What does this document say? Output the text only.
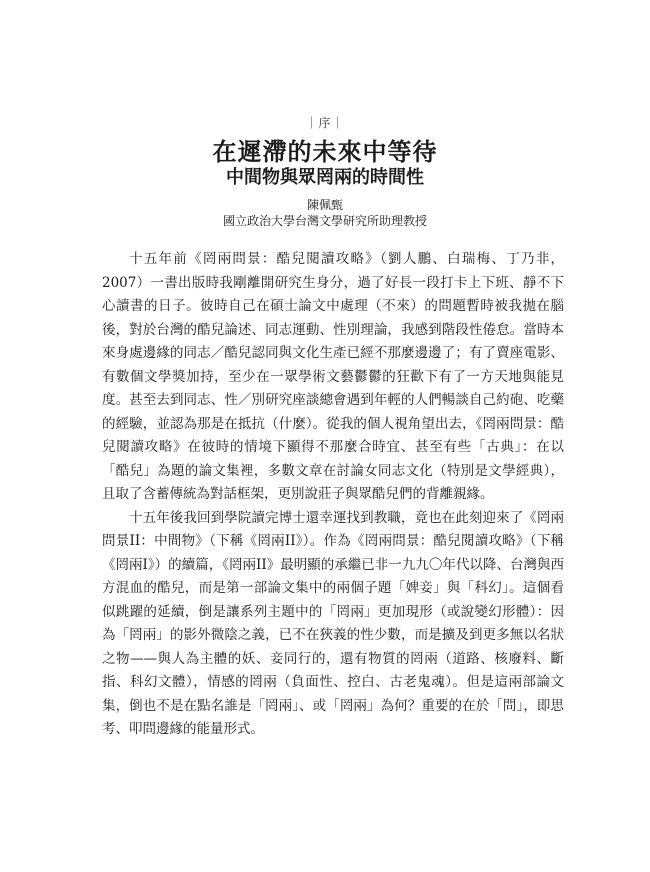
｜序｜
在遲滯的未來中等待
中間物與眾罔兩的時間性
陳佩甄
國立政治大學台灣文學研究所助理教授

十五年前《罔兩問景：酷兒閱讀攻略》（劉人鵬、白瑞梅、丁乃非，2007）一書出版時我剛離開研究生身分，過了好長一段打卡上下班、靜不下心讀書的日子。彼時自己在碩士論文中處理（不來）的問題暫時被我拋在腦後，對於台灣的酷兒論述、同志運動、性別理論，我感到階段性倦怠。當時本來身處邊緣的同志／酷兒認同與文化生產已經不那麼邊邊了；有了賣座電影、有數個文學獎加持，至少在一眾學術文藝鬱鬱的狂歡下有了一方天地與能見度。甚至去到同志、性／別研究座談總會遇到年輕的人們暢談自己約砲、吃藥的經驗，並認為那是在抵抗（什麼）。從我的個人視角望出去，《罔兩問景：酷兒閱讀攻略》在彼時的情境下顯得不那麼合時宜、甚至有些「古典」：在以「酷兒」為題的論文集裡，多數文章在討論女同志文化（特別是文學經典），且取了含蓄傳統為對話框架，更別說莊子與眾酷兒們的背離親緣。

十五年後我回到學院讀完博士還幸運找到教職，竟也在此刻迎來了《罔兩問景II：中間物》（下稱《罔兩II》）。作為《罔兩問景：酷兒閱讀攻略》（下稱《罔兩I》）的續篇，《罔兩II》最明顯的承繼已非一九九〇年代以降、台灣與西方混血的酷兒，而是第一部論文集中的兩個子題「婢妾」與「科幻」。這個看似跳躍的延續，倒是讓系列主題中的「罔兩」更加現形（或說變幻形體）：因為「罔兩」的影外微陰之義，已不在狹義的性少數，而是擴及到更多無以名狀之物——與人為主體的妖、妾同行的，還有物質的罔兩（道路、核廢料、斷指、科幻文體），情感的罔兩（負面性、控白、古老鬼魂）。但是這兩部論文集，倒也不是在點名誰是「罔兩」、或「罔兩」為何？重要的在於「問」，即思考、叩問邊緣的能量形式。
